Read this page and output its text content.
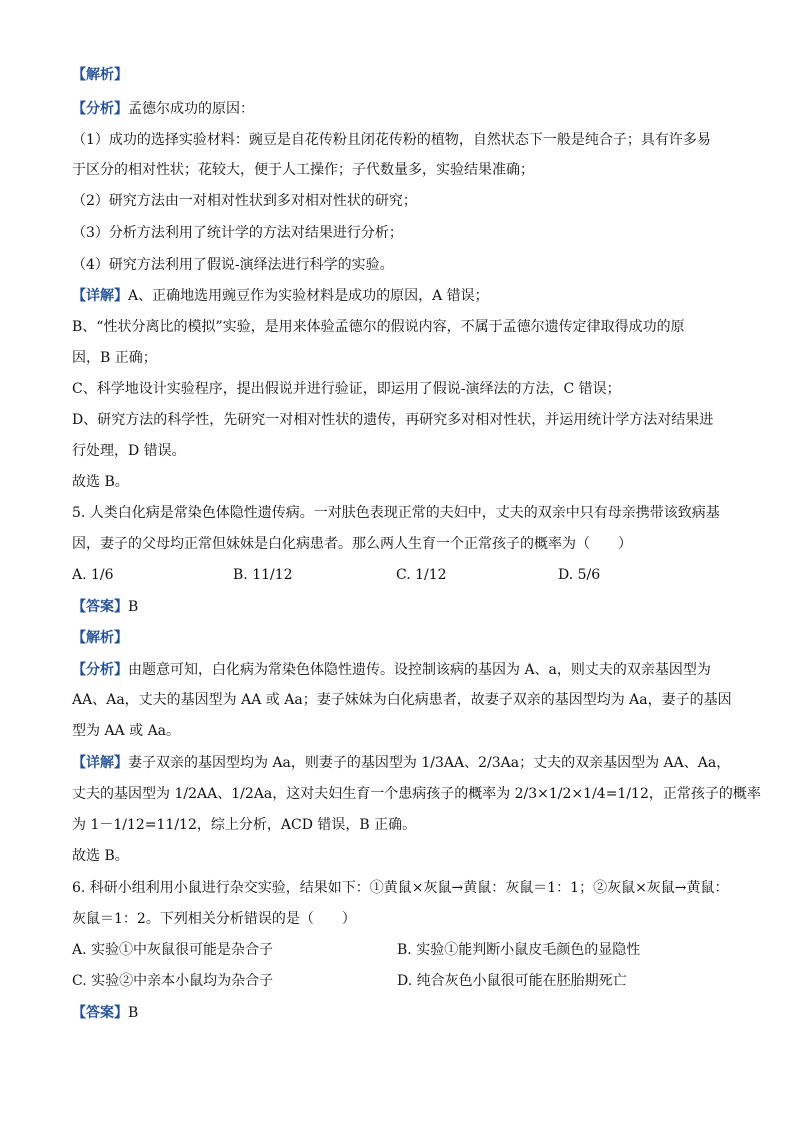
【解析】
【分析】孟德尔成功的原因：
（1）成功的选择实验材料：豌豆是自花传粉且闭花传粉的植物，自然状态下一般是纯合子；具有许多易
于区分的相对性状；花较大，便于人工操作；子代数量多，实验结果准确；
（2）研究方法由一对相对性状到多对相对性状的研究；
（3）分析方法利用了统计学的方法对结果进行分析；
（4）研究方法利用了假说-演绎法进行科学的实验。
【详解】A、正确地选用豌豆作为实验材料是成功的原因，A 错误；
B、“性状分离比的模拟”实验，是用来体验孟德尔的假说内容，不属于孟德尔遗传定律取得成功的原
因，B 正确；
C、科学地设计实验程序，提出假说并进行验证，即运用了假说-演绎法的方法，C 错误；
D、研究方法的科学性，先研究一对相对性状的遗传，再研究多对相对性状，并运用统计学方法对结果进
行处理，D 错误。
故选 B。
5. 人类白化病是常染色体隐性遗传病。一对肤色表现正常的夫妇中，丈夫的双亲中只有母亲携带该致病基
因，妻子的父母均正常但妹妹是白化病患者。那么两人生育一个正常孩子的概率为（　　）
A. 1/6	B. 11/12	C. 1/12	D. 5/6
【答案】B
【解析】
【分析】由题意可知，白化病为常染色体隐性遗传。设控制该病的基因为 A、a，则丈夫的双亲基因型为
AA、Aa，丈夫的基因型为 AA 或 Aa；妻子妹妹为白化病患者，故妻子双亲的基因型均为 Aa，妻子的基因
型为 AA 或 Aa。
【详解】妻子双亲的基因型均为 Aa，则妻子的基因型为 1/3AA、2/3Aa；丈夫的双亲基因型为 AA、Aa，
丈夫的基因型为 1/2AA、1/2Aa，这对夫妇生育一个患病孩子的概率为 2/3×1/2×1/4=1/12，正常孩子的概率
为 1－1/12=11/12，综上分析，ACD 错误，B 正确。
故选 B。
6. 科研小组利用小鼠进行杂交实验，结果如下：①黄鼠×灰鼠→黄鼠：灰鼠＝1：1；②灰鼠×灰鼠→黄鼠：
灰鼠＝1：2。下列相关分析错误的是（　　）
A. 实验①中灰鼠很可能是杂合子	B. 实验①能判断小鼠皮毛颜色的显隐性
C. 实验②中亲本小鼠均为杂合子	D. 纯合灰色小鼠很可能在胚胎期死亡
【答案】B
